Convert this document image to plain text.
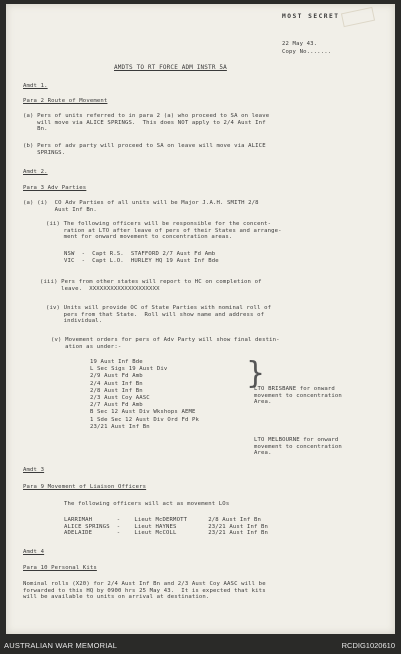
MOST SECRET
22 May 43.
Copy No.......
AMDTS TO RT FORCE ADM INSTR 5A
Amdt 1.
Para 2 Route of Movement
(a) Pers of units referred to in para 2 (a) who proceed to SA on leave
will move via ALICE SPRINGS.  This does NOT apply to 2/4 Aust Inf
Bn.
(b) Pers of adv party will proceed to SA on leave will move via ALICE
SPRINGS.
Amdt 2.
Para 3 Adv Parties
(a) (i)  CO Adv Parties of all units will be Major J.A.H. SMITH 2/8
Aust Inf Bn.
(ii) The following officers will be responsible for the concent-
ration at LTO after leave of pers of their States and arrange-
ment for onward movement to concentration areas.
NSW  -  Capt R.S.  STAFFORD 2/7 Aust Fd Amb
VIC  -  Capt L.O.  HURLEY HQ 19 Aust Inf Bde
(iii) Pers from other states will report to HC on completion of
leave.  XXXXXXXXXXXXXXXXXXXX
(iv) Units will provide OC of State Parties with nominal roll of
pers from that State.  Roll will show name and address of
individual.
(v) Movement orders for pers of Adv Party will show final destin-
ation as under:-
19 Aust Inf Bde
L Sec Sigs 19 Aust Div
2/9 Aust Fd Amb
2/4 Aust Inf Bn
2/8 Aust Inf Bn
2/3 Aust Coy AASC
2/7 Aust Fd Amb
B Sec 12 Aust Div Wkshops AEME
1 Sde Sec 12 Aust Div Ord Fd Pk
23/21 Aust Inf Bn
}
LTO BRISBANE for onward
movement to concentration
Area.
LTO MELBOURNE for onward
movement to concentration
Area.
Amdt 3
Para 9 Movement of Liaison Officers
The following officers will act as movement LOs
LARRIMAH       -    Lieut McDERMOTT      2/8 Aust Inf Bn
ALICE SPRINGS  -    Lieut HAYNES         23/21 Aust Inf Bn
ADELAIDE       -    Lieut McCOLL         23/21 Aust Inf Bn
Amdt 4
Para 10 Personal Kits
Nominal rolls (X20) for 2/4 Aust Inf Bn and 2/3 Aust Coy AASC will be
forwarded to this HQ by 0900 hrs 25 May 43.  It is expected that kits
will be available to units on arrival at destination.
AUSTRALIAN WAR MEMORIAL	RCDIG1020610
